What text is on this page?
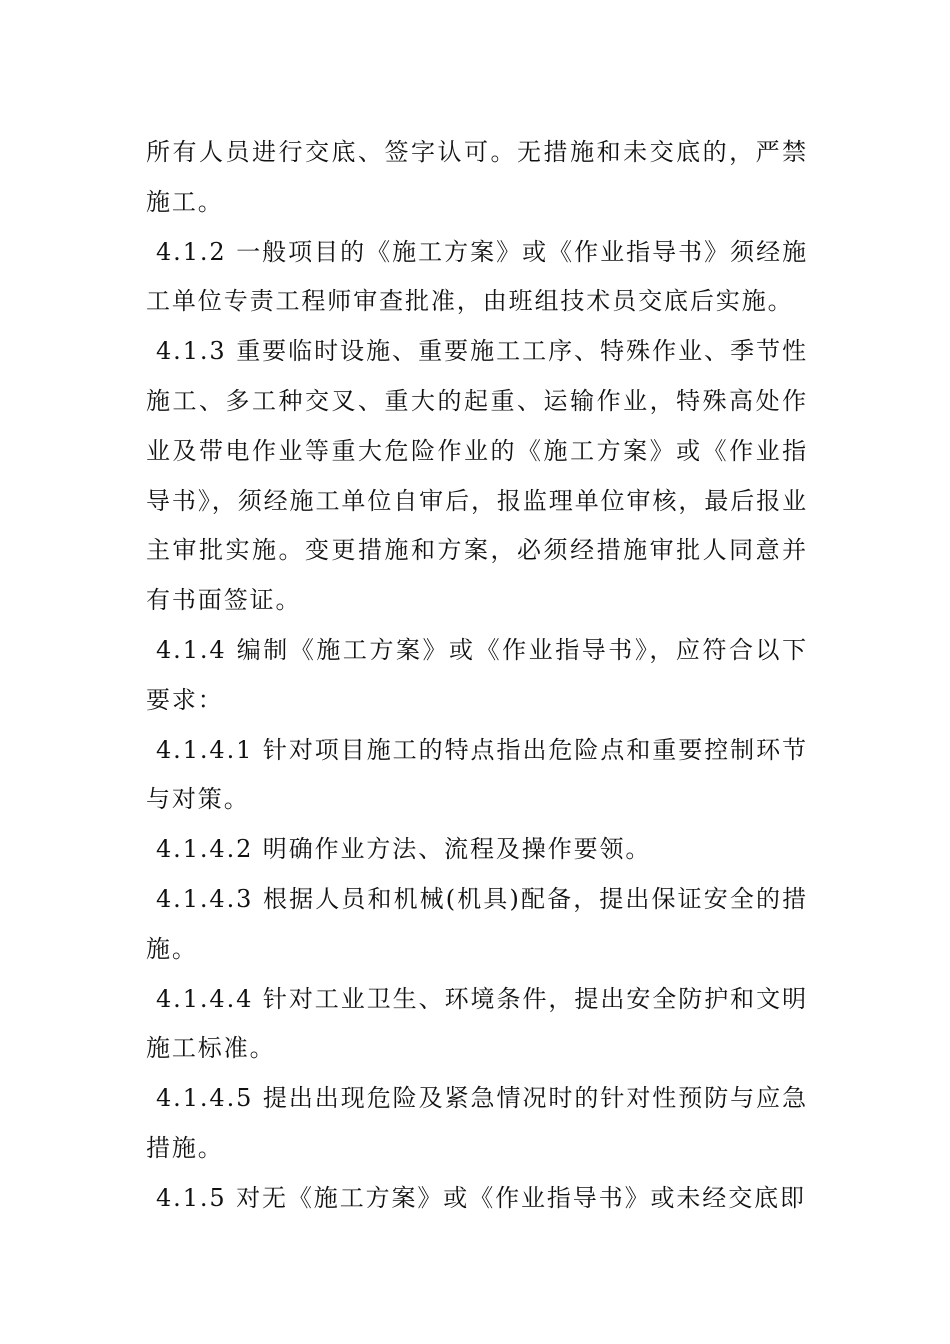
所有人员进行交底、签字认可。无措施和未交底的，严禁施工。

4.1.2 一般项目的《施工方案》或《作业指导书》须经施工单位专责工程师审查批准，由班组技术员交底后实施。

4.1.3 重要临时设施、重要施工工序、特殊作业、季节性施工、多工种交叉、重大的起重、运输作业，特殊高处作业及带电作业等重大危险作业的《施工方案》或《作业指导书》，须经施工单位自审后，报监理单位审核，最后报业主审批实施。变更措施和方案，必须经措施审批人同意并有书面签证。

4.1.4 编制《施工方案》或《作业指导书》，应符合以下要求：

4.1.4.1 针对项目施工的特点指出危险点和重要控制环节与对策。

4.1.4.2 明确作业方法、流程及操作要领。

4.1.4.3 根据人员和机械(机具)配备，提出保证安全的措施。

4.1.4.4 针对工业卫生、环境条件，提出安全防护和文明施工标准。

4.1.4.5 提出出现危险及紧急情况时的针对性预防与应急措施。

4.1.5 对无《施工方案》或《作业指导书》或未经交底即
